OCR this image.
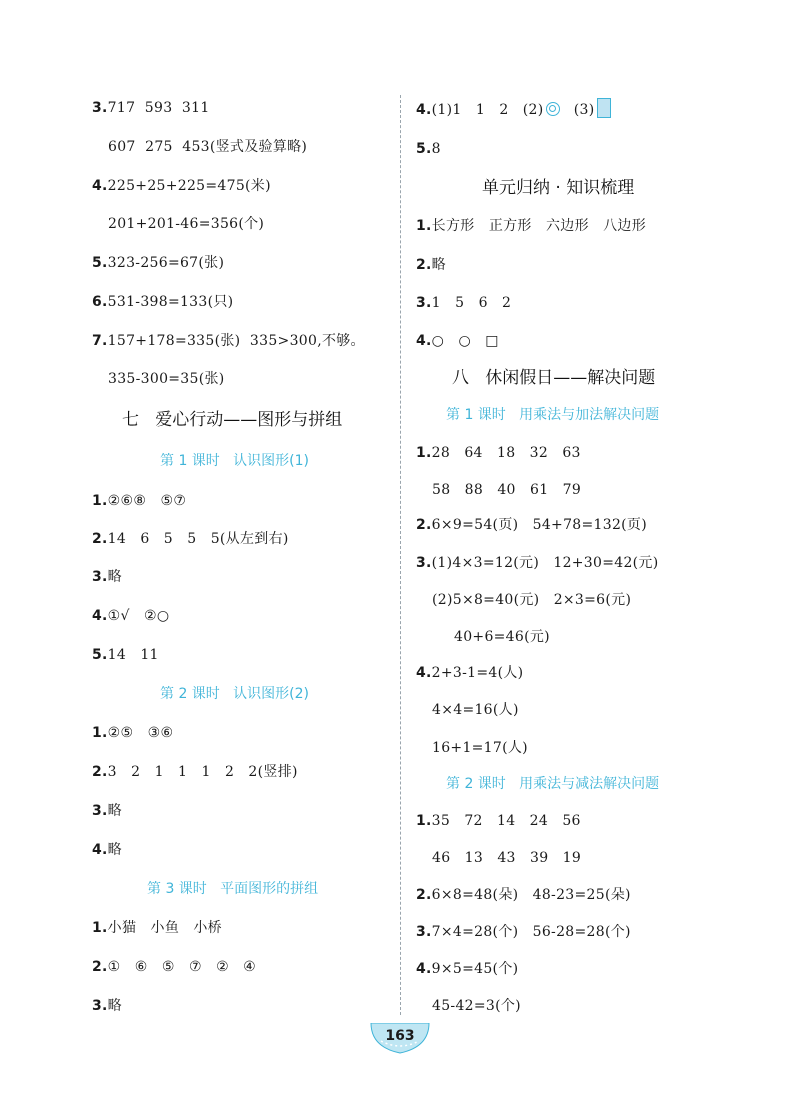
3.717  593  311
607  275  453(竖式及验算略)
4.225+25+225=475(米)
201+201-46=356(个)
5.323-256=67(张)
6.531-398=133(只)
7.157+178=335(张)  335>300,不够。
335-300=35(张)
七   爱心行动——图形与拼组
第 1 课时   认识图形(1)
1.②⑥⑧   ⑤⑦
2.14   6   5   5   5(从左到右)
3.略
4.①√   ②○
5.14   11
第 2 课时   认识图形(2)
1.②⑤   ③⑥
2.3   2   1   1   1   2   2(竖排)
3.略
4.略
第 3 课时   平面图形的拼组
1.小猫   小鱼   小桥
2.①   ⑥   ⑤   ⑦   ②   ④
3.略
4.(1)1   1   2   (2)   (3)
5.8
单元归纳 · 知识梳理
1.长方形   正方形   六边形   八边形
2.略
3.1   5   6   2
4.○   ○   □
八   休闲假日——解决问题
第 1 课时   用乘法与加法解决问题
1.28   64   18   32   63
58   88   40   61   79
2.6×9=54(页)   54+78=132(页)
3.(1)4×3=12(元)   12+30=42(元)
(2)5×8=40(元)   2×3=6(元)
40+6=46(元)
4.2+3-1=4(人)
4×4=16(人)
16+1=17(人)
第 2 课时   用乘法与减法解决问题
1.35   72   14   24   56
46   13   43   39   19
2.6×8=48(朵)   48-23=25(朵)
3.7×4=28(个)   56-28=28(个)
4.9×5=45(个)
45-42=3(个)
163
